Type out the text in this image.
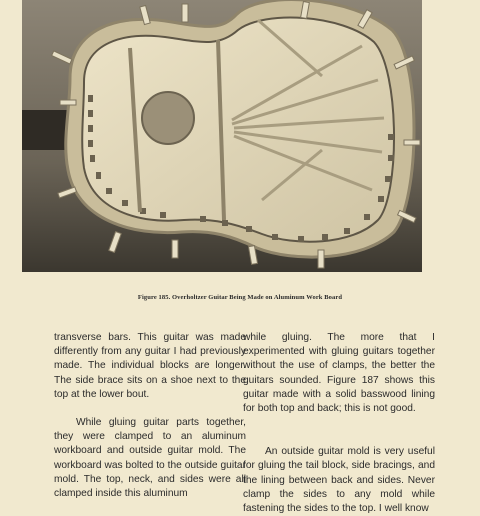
Figure 185. Overholtzer Guitar Being Made on Aluminum Work Board

transverse bars. This guitar was made differently from any guitar I had previously made. The individual blocks are longer. The side brace sits on a shoe next to the top at the lower bout.

While gluing guitar parts together, they were clamped to an aluminum workboard and outside guitar mold. The workboard was bolted to the outside guitar mold. The top, neck, and sides were all clamped inside this aluminum

while gluing. The more that I experimented with gluing guitars together without the use of clamps, the better the guitars sounded. Figure 187 shows this guitar made with a solid basswood lining for both top and back; this is not good.

An outside guitar mold is very useful for gluing the tail block, side bracings, and the lining between back and sides. Never clamp the sides to any mold while fastening the sides to the top. I well know
